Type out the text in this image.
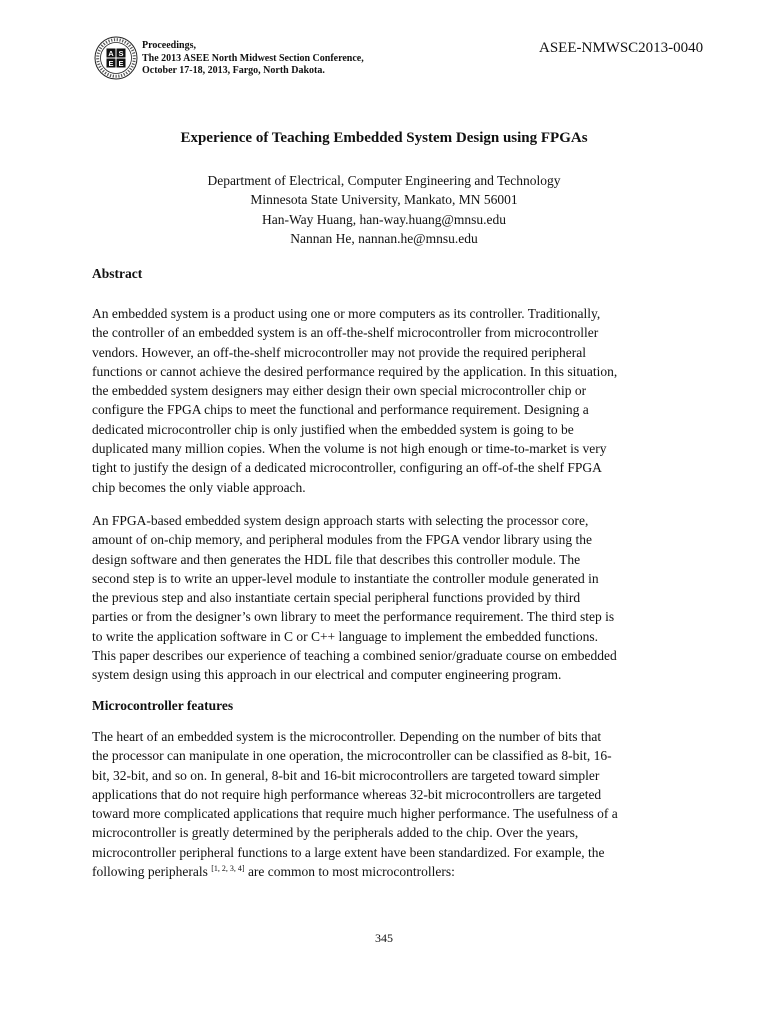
A S
E E
Proceedings,
The 2013 ASEE North Midwest Section Conference,
October 17-18, 2013, Fargo, North Dakota.
ASEE-NMWSC2013-0040
Experience of Teaching Embedded System Design using FPGAs
Department of Electrical, Computer Engineering and Technology
Minnesota State University, Mankato, MN 56001
Han-Way Huang, han-way.huang@mnsu.edu
Nannan He, nannan.he@mnsu.edu
Abstract
An embedded system is a product using one or more computers as its controller. Traditionally,
the controller of an embedded system is an off-the-shelf microcontroller from microcontroller
vendors. However, an off-the-shelf microcontroller may not provide the required peripheral
functions or cannot achieve the desired performance required by the application. In this situation,
the embedded system designers may either design their own special microcontroller chip or
configure the FPGA chips to meet the functional and performance requirement. Designing a
dedicated microcontroller chip is only justified when the embedded system is going to be
duplicated many million copies. When the volume is not high enough or time-to-market is very
tight to justify the design of a dedicated microcontroller, configuring an off-of-the shelf FPGA
chip becomes the only viable approach.
An FPGA-based embedded system design approach starts with selecting the processor core,
amount of on-chip memory, and peripheral modules from the FPGA vendor library using the
design software and then generates the HDL file that describes this controller module. The
second step is to write an upper-level module to instantiate the controller module generated in
the previous step and also instantiate certain special peripheral functions provided by third
parties or from the designer’s own library to meet the performance requirement. The third step is
to write the application software in C or C++ language to implement the embedded functions.
This paper describes our experience of teaching a combined senior/graduate course on embedded
system design using this approach in our electrical and computer engineering program.
Microcontroller features
The heart of an embedded system is the microcontroller. Depending on the number of bits that
the processor can manipulate in one operation, the microcontroller can be classified as 8-bit, 16-
bit, 32-bit, and so on. In general, 8-bit and 16-bit microcontrollers are targeted toward simpler
applications that do not require high performance whereas 32-bit microcontrollers are targeted
toward more complicated applications that require much higher performance. The usefulness of a
microcontroller is greatly determined by the peripherals added to the chip. Over the years,
microcontroller peripheral functions to a large extent have been standardized. For example, the
following peripherals [1, 2, 3, 4] are common to most microcontrollers:
345
